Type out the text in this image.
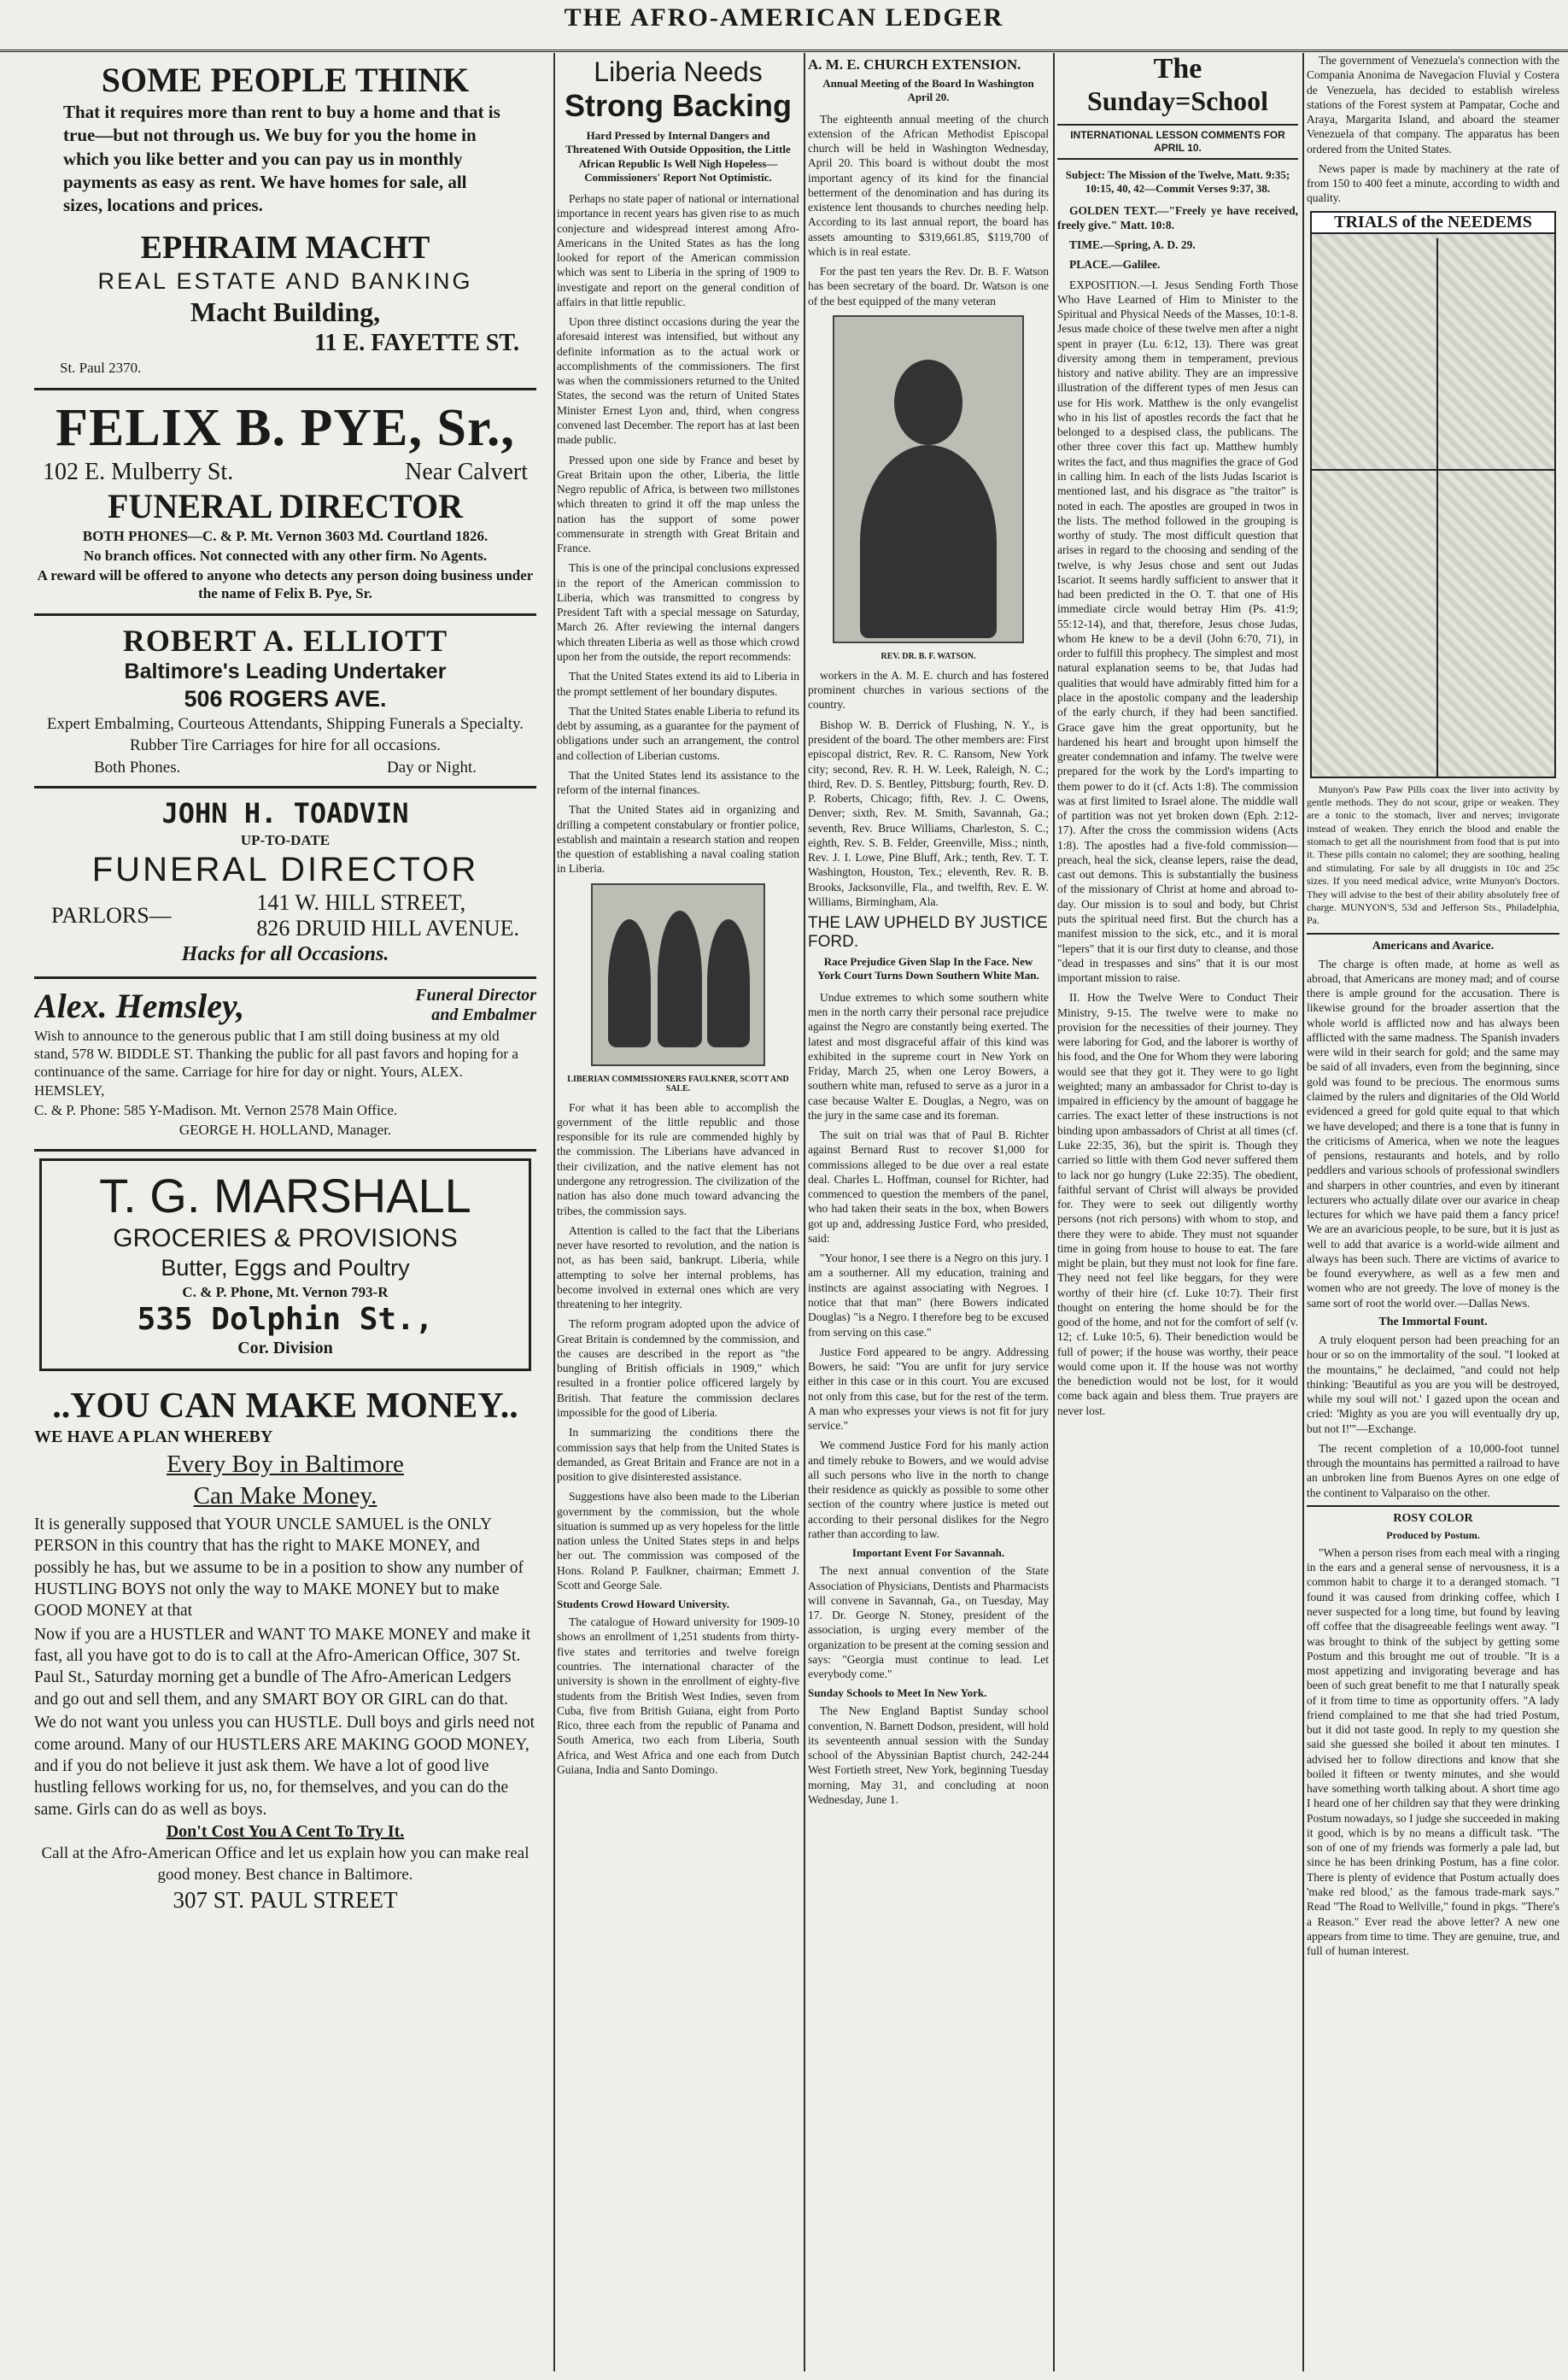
THE AFRO-AMERICAN LEDGER

SOME PEOPLE THINK

That it requires more than rent to buy a home and that is true—but not through us. We buy for you the home in which you like better and you can pay us in monthly payments as easy as rent. We have homes for sale, all sizes, locations and prices.

EPHRAIM MACHT

REAL ESTATE AND BANKING

Macht Building,

11 E. FAYETTE ST.

St. Paul 2370.

FELIX B. PYE, Sr.,

102 E. Mulberry St.	Near Calvert

FUNERAL DIRECTOR

BOTH PHONES—C. & P. Mt. Vernon 3603 Md. Courtland 1826.

No branch offices. Not connected with any other firm. No Agents.

A reward will be offered to anyone who detects any person doing business under the name of Felix B. Pye, Sr.

ROBERT A. ELLIOTT

Baltimore's Leading Undertaker

506 ROGERS AVE.

Expert Embalming, Courteous Attendants, Shipping Funerals a Specialty. Rubber Tire Carriages for hire for all occasions.

Both Phones.	Day or Night.

JOHN H. TOADVIN

UP-TO-DATE

FUNERAL DIRECTOR

PARLORS—
141 W. HILL STREET,
826 DRUID HILL AVENUE.

Hacks for all Occasions.

Alex. Hemsley,	Funeral Director and Embalmer

Wish to announce to the generous public that I am still doing business at my old stand, 578 W. BIDDLE ST. Thanking the public for all past favors and hoping for a continuance of the same. Carriage for hire for day or night. Yours, ALEX. HEMSLEY,

C. & P. Phone: 585 Y-Madison. Mt. Vernon 2578 Main Office.

GEORGE H. HOLLAND, Manager.

T. G. MARSHALL

GROCERIES & PROVISIONS

Butter, Eggs and Poultry

C. & P. Phone, Mt. Vernon 793-R

535 Dolphin St.,

Cor. Division

..YOU CAN MAKE MONEY..

WE HAVE A PLAN WHEREBY

Every Boy in Baltimore

Can Make Money.

It is generally supposed that YOUR UNCLE SAMUEL is the ONLY PERSON in this country that has the right to MAKE MONEY, and possibly he has, but we assume to be in a position to show any number of HUSTLING BOYS not only the way to MAKE MONEY but to make GOOD MONEY at that

Now if you are a HUSTLER and WANT TO MAKE MONEY and make it fast, all you have got to do is to call at the Afro-American Office, 307 St. Paul St., Saturday morning get a bundle of The Afro-American Ledgers and go out and sell them, and any SMART BOY OR GIRL can do that.

We do not want you unless you can HUSTLE. Dull boys and girls need not come around. Many of our HUSTLERS ARE MAKING GOOD MONEY, and if you do not believe it just ask them. We have a lot of good live hustling fellows working for us, no, for themselves, and you can do the same. Girls can do as well as boys.

Don't Cost You A Cent To Try It.

Call at the Afro-American Office and let us explain how you can make real good money. Best chance in Baltimore.

307 ST. PAUL STREET

Liberia Needs

Strong Backing

Hard Pressed by Internal Dangers and Threatened With Outside Opposition, the Little African Republic Is Well Nigh Hopeless—Commissioners' Report Not Optimistic.

Perhaps no state paper of national or international importance in recent years has given rise to as much conjecture and widespread interest among Afro-Americans in the United States as has the long looked for report of the American commission which was sent to Liberia in the spring of 1909 to investigate and report on the general condition of affairs in that little republic.

Upon three distinct occasions during the year the aforesaid interest was intensified, but without any definite information as to the actual work or accomplishments of the commissioners. The first was when the commissioners returned to the United States, the second was the return of United States Minister Ernest Lyon and, third, when congress convened last December. The report has at last been made public.

Pressed upon one side by France and beset by Great Britain upon the other, Liberia, the little Negro republic of Africa, is between two millstones which threaten to grind it off the map unless the nation has the support of some power commensurate in strength with Great Britain and France.

This is one of the principal conclusions expressed in the report of the American commission to Liberia, which was transmitted to congress by President Taft with a special message on Saturday, March 26. After reviewing the internal dangers which threaten Liberia as well as those which crowd upon her from the outside, the report recommends:

That the United States extend its aid to Liberia in the prompt settlement of her boundary disputes.

That the United States enable Liberia to refund its debt by assuming, as a guarantee for the payment of obligations under such an arrangement, the control and collection of Liberian customs.

That the United States lend its assistance to the reform of the internal finances.

That the United States aid in organizing and drilling a competent constabulary or frontier police, establish and maintain a research station and reopen the question of establishing a naval coaling station in Liberia.

LIBERIAN COMMISSIONERS FAULKNER, SCOTT AND SALE.

For what it has been able to accomplish the government of the little republic and those responsible for its rule are commended highly by the commission. The Liberians have advanced in their civilization, and the native element has not undergone any retrogression. The civilization of the nation has also done much toward advancing the tribes, the commission says.

Attention is called to the fact that the Liberians never have resorted to revolution, and the nation is not, as has been said, bankrupt. Liberia, while attempting to solve her internal problems, has become involved in external ones which are very threatening to her integrity.

The reform program adopted upon the advice of Great Britain is condemned by the commission, and the causes are described in the report as "the bungling of British officials in 1909," which resulted in a frontier police officered largely by British. That feature the commission declares impossible for the good of Liberia.

In summarizing the conditions there the commission says that help from the United States is demanded, as Great Britain and France are not in a position to give disinterested assistance.

Suggestions have also been made to the Liberian government by the commission, but the whole situation is summed up as very hopeless for the little nation unless the United States steps in and helps her out. The commission was composed of the Hons. Roland P. Faulkner, chairman; Emmett J. Scott and George Sale.

Students Crowd Howard University.

The catalogue of Howard university for 1909-10 shows an enrollment of 1,251 students from thirty-five states and territories and twelve foreign countries. The international character of the university is shown in the enrollment of eighty-five students from the British West Indies, seven from Cuba, five from British Guiana, eight from Porto Rico, three each from the republic of Panama and South America, two each from Liberia, South Africa, and West Africa and one each from Dutch Guiana, India and Santo Domingo.

A. M. E. CHURCH EXTENSION.

Annual Meeting of the Board In Washington April 20.

The eighteenth annual meeting of the church extension of the African Methodist Episcopal church will be held in Washington Wednesday, April 20. This board is without doubt the most important agency of its kind for the financial betterment of the denomination and has during its existence lent thousands to churches needing help. According to its last annual report, the board has assets amounting to $319,661.85, $119,700 of which is in real estate.

For the past ten years the Rev. Dr. B. F. Watson has been secretary of the board. Dr. Watson is one of the best equipped of the many veteran

REV. DR. B. F. WATSON.

workers in the A. M. E. church and has fostered prominent churches in various sections of the country.

Bishop W. B. Derrick of Flushing, N. Y., is president of the board. The other members are: First episcopal district, Rev. R. C. Ransom, New York city; second, Rev. R. H. W. Leek, Raleigh, N. C.; third, Rev. D. S. Bentley, Pittsburg; fourth, Rev. D. P. Roberts, Chicago; fifth, Rev. J. C. Owens, Denver; sixth, Rev. M. Smith, Savannah, Ga.; seventh, Rev. Bruce Williams, Charleston, S. C.; eighth, Rev. S. B. Felder, Greenville, Miss.; ninth, Rev. J. I. Lowe, Pine Bluff, Ark.; tenth, Rev. T. T. Washington, Houston, Tex.; eleventh, Rev. R. B. Brooks, Jacksonville, Fla., and twelfth, Rev. E. W. Williams, Birmingham, Ala.

THE LAW UPHELD BY JUSTICE FORD.

Race Prejudice Given Slap In the Face. New York Court Turns Down Southern White Man.

Undue extremes to which some southern white men in the north carry their personal race prejudice against the Negro are constantly being exerted. The latest and most disgraceful affair of this kind was exhibited in the supreme court in New York on Friday, March 25, when one Leroy Bowers, a southern white man, refused to serve as a juror in a case because Walter E. Douglas, a Negro, was on the jury in the same case and its foreman.

The suit on trial was that of Paul B. Richter against Bernard Rust to recover $1,000 for commissions alleged to be due over a real estate deal. Charles L. Hoffman, counsel for Richter, had commenced to question the members of the panel, who had taken their seats in the box, when Bowers got up and, addressing Justice Ford, who presided, said:

"Your honor, I see there is a Negro on this jury. I am a southerner. All my education, training and instincts are against associating with Negroes. I notice that that man" (here Bowers indicated Douglas) "is a Negro. I therefore beg to be excused from serving on this case."

Justice Ford appeared to be angry. Addressing Bowers, he said: "You are unfit for jury service either in this case or in this court. You are excused not only from this case, but for the rest of the term. A man who expresses your views is not fit for jury service."

We commend Justice Ford for his manly action and timely rebuke to Bowers, and we would advise all such persons who live in the north to change their residence as quickly as possible to some other section of the country where justice is meted out according to their personal dislikes for the Negro rather than according to law.

Important Event For Savannah.

The next annual convention of the State Association of Physicians, Dentists and Pharmacists will convene in Savannah, Ga., on Tuesday, May 17. Dr. George N. Stoney, president of the association, is urging every member of the organization to be present at the coming session and says: "Georgia must continue to lead. Let everybody come."

Sunday Schools to Meet In New York.

The New England Baptist Sunday school convention, N. Barnett Dodson, president, will hold its seventeenth annual session with the Sunday school of the Abyssinian Baptist church, 242-244 West Fortieth street, New York, beginning Tuesday morning, May 31, and concluding at noon Wednesday, June 1.

The

Sunday=School

INTERNATIONAL LESSON COMMENTS FOR APRIL 10.

Subject: The Mission of the Twelve, Matt. 9:35; 10:15, 40, 42—Commit Verses 9:37, 38.

GOLDEN TEXT.—"Freely ye have received, freely give." Matt. 10:8.

TIME.—Spring, A. D. 29.

PLACE.—Galilee.

EXPOSITION.—I. Jesus Sending Forth Those Who Have Learned of Him to Minister to the Spiritual and Physical Needs of the Masses, 10:1-8. Jesus made choice of these twelve men after a night spent in prayer (Lu. 6:12, 13). There was great diversity among them in temperament, previous history and native ability. They are an impressive illustration of the different types of men Jesus can use for His work. Matthew is the only evangelist who in his list of apostles records the fact that he belonged to a despised class, the publicans. The other three cover this fact up. Matthew humbly writes the fact, and thus magnifies the grace of God in calling him. In each of the lists Judas Iscariot is mentioned last, and his disgrace as "the traitor" is noted in each. The apostles are grouped in twos in the lists. The method followed in the grouping is worthy of study. The most difficult question that arises in regard to the choosing and sending of the twelve, is why Jesus chose and sent out Judas Iscariot. It seems hardly sufficient to answer that it had been predicted in the O. T. that one of His immediate circle would betray Him (Ps. 41:9; 55:12-14), and that, therefore, Jesus chose Judas, whom He knew to be a devil (John 6:70, 71), in order to fulfill this prophecy. The simplest and most natural explanation seems to be, that Judas had qualities that would have admirably fitted him for a place in the apostolic company and the leadership of the early church, if they had been sanctified. Grace gave him the great opportunity, but he hardened his heart and brought upon himself the greater condemnation and infamy. The twelve were prepared for the work by the Lord's imparting to them power to do it (cf. Acts 1:8). The commission was at first limited to Israel alone. The middle wall of partition was not yet broken down (Eph. 2:12-17). After the cross the commission widens (Acts 1:8). The apostles had a five-fold commission—preach, heal the sick, cleanse lepers, raise the dead, cast out demons. This is substantially the business of the missionary of Christ at home and abroad to-day. Our mission is to soul and body, but Christ puts the spiritual need first. But the church has a manifest mission to the sick, etc., and it is moral "lepers" that it is our first duty to cleanse, and those "dead in trespasses and sins" that it is our most important mission to raise.

II. How the Twelve Were to Conduct Their Ministry, 9-15. The twelve were to make no provision for the necessities of their journey. They were laboring for God, and the laborer is worthy of his food, and the One for Whom they were laboring would see that they got it. They were to go light weighted; many an ambassador for Christ to-day is impaired in efficiency by the amount of baggage he carries. The exact letter of these instructions is not binding upon ambassadors of Christ at all times (cf. Luke 22:35, 36), but the spirit is. Though they carried so little with them God never suffered them to lack nor go hungry (Luke 22:35). The obedient, faithful servant of Christ will always be provided for. They were to seek out diligently worthy persons (not rich persons) with whom to stop, and there they were to abide. They must not squander time in going from house to house to eat. The fare might be plain, but they must not look for fine fare. They need not feel like beggars, for they were worthy of their hire (cf. Luke 10:7). Their first thought on entering the home should be for the good of the home, and not for the comfort of self (v. 12; cf. Luke 10:5, 6). Their benediction would be full of power; if the house was worthy, their peace would come upon it. If the house was not worthy the benediction would not be lost, for it would come back again and bless them. True prayers are never lost.

The government of Venezuela's connection with the Compania Anonima de Navegacion Fluvial y Costera de Venezuela, has decided to establish wireless stations of the Forest system at Pampatar, Coche and Araya, Margarita Island, and aboard the steamer Venezuela of that company. The apparatus has been ordered from the United States.

News paper is made by machinery at the rate of from 150 to 400 feet a minute, according to width and quality.

TRIALS of the NEEDEMS

Munyon's Paw Paw Pills coax the liver into activity by gentle methods. They do not scour, gripe or weaken. They are a tonic to the stomach, liver and nerves; invigorate instead of weaken. They enrich the blood and enable the stomach to get all the nourishment from food that is put into it. These pills contain no calomel; they are soothing, healing and stimulating. For sale by all druggists in 10c and 25c sizes. If you need medical advice, write Munyon's Doctors. They will advise to the best of their ability absolutely free of charge. MUNYON'S, 53d and Jefferson Sts., Philadelphia, Pa.

Americans and Avarice.

The charge is often made, at home as well as abroad, that Americans are money mad; and of course there is ample ground for the accusation. There is likewise ground for the broader assertion that the whole world is afflicted now and has always been afflicted with the same madness. The Spanish invaders were wild in their search for gold; and the same may be said of all invaders, even from the beginning, since gold was found to be precious. The enormous sums claimed by the rulers and dignitaries of the Old World evidenced a greed for gold quite equal to that which we have developed; and there is a tone that is funny in the criticisms of America, when we note the leagues of pensions, restaurants and hotels, and by rollo peddlers and various schools of professional swindlers and sharpers in other countries, and even by itinerant lecturers who actually dilate over our avarice in cheap lectures for which we have paid them a fancy price! We are an avaricious people, to be sure, but it is just as well to add that avarice is a world-wide ailment and always has been such. There are victims of avarice to be found everywhere, as well as a few men and women who are not greedy. The love of money is the same sort of root the world over.—Dallas News.

The Immortal Fount.

A truly eloquent person had been preaching for an hour or so on the immortality of the soul. "I looked at the mountains," he declaimed, "and could not help thinking: 'Beautiful as you are you will be destroyed, while my soul will not.' I gazed upon the ocean and cried: 'Mighty as you are you will eventually dry up, but not I!'"—Exchange.

The recent completion of a 10,000-foot tunnel through the mountains has permitted a railroad to have an unbroken line from Buenos Ayres on one edge of the continent to Valparaiso on the other.

ROSY COLOR

Produced by Postum.

"When a person rises from each meal with a ringing in the ears and a general sense of nervousness, it is a common habit to charge it to a deranged stomach. "I found it was caused from drinking coffee, which I never suspected for a long time, but found by leaving off coffee that the disagreeable feelings went away. "I was brought to think of the subject by getting some Postum and this brought me out of trouble. "It is a most appetizing and invigorating beverage and has been of such great benefit to me that I naturally speak of it from time to time as opportunity offers. "A lady friend complained to me that she had tried Postum, but it did not taste good. In reply to my question she said she guessed she boiled it about ten minutes. I advised her to follow directions and know that she boiled it fifteen or twenty minutes, and she would have something worth talking about. A short time ago I heard one of her children say that they were drinking Postum nowadays, so I judge she succeeded in making it good, which is by no means a difficult task. "The son of one of my friends was formerly a pale lad, but since he has been drinking Postum, has a fine color. There is plenty of evidence that Postum actually does 'make red blood,' as the famous trade-mark says." Read "The Road to Wellville," found in pkgs. "There's a Reason." Ever read the above letter? A new one appears from time to time. They are genuine, true, and full of human interest.
